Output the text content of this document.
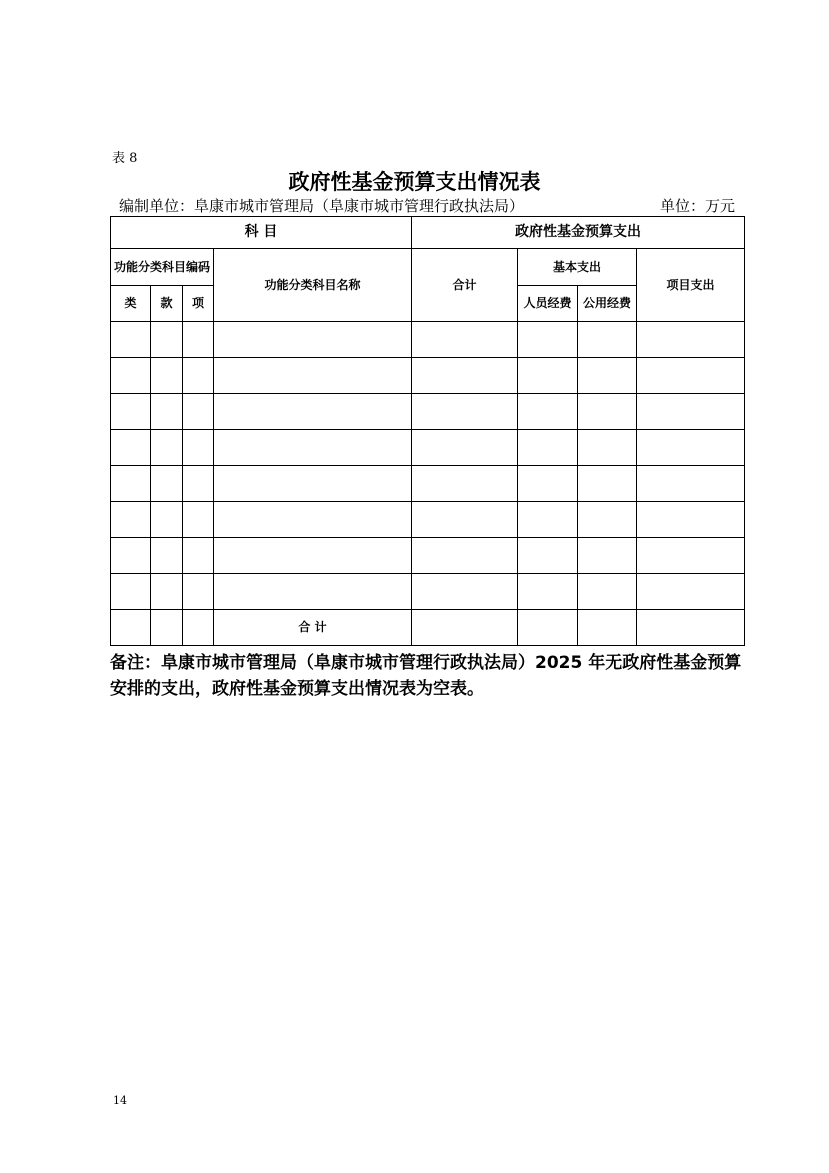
表 8
政府性基金预算支出情况表
编制单位：阜康市城市管理局（阜康市城市管理行政执法局）	单位：万元
科 目				政府性基金预算支出			
功能分类科目编码			功能分类科目名称	合计	基本支出		项目支出
类	款	项			人员经费	公用经费	

			合 计				
备注：阜康市城市管理局（阜康市城市管理行政执法局）2025 年无政府性基金预算安排的支出，政府性基金预算支出情况表为空表。
14
